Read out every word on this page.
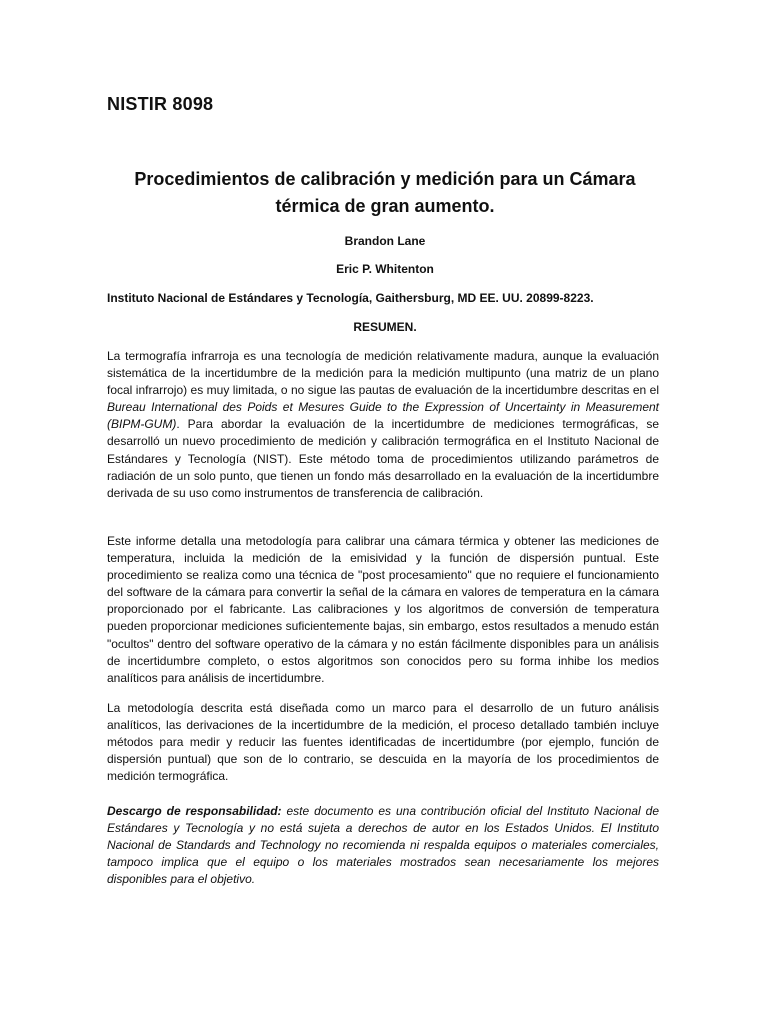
NISTIR 8098
Procedimientos de calibración y medición para un Cámara térmica de gran aumento.
Brandon Lane
Eric P. Whitenton
Instituto Nacional de Estándares y Tecnología, Gaithersburg, MD EE. UU. 20899-8223.
RESUMEN.

La termografía infrarroja es una tecnología de medición relativamente madura, aunque la evaluación sistemática de la incertidumbre de la medición para la medición multipunto (una matriz de un plano focal infrarrojo) es muy limitada, o no sigue las pautas de evaluación de la incertidumbre descritas en el Bureau International des Poids et Mesures Guide to the Expression of Uncertainty in Measurement (BIPM-GUM). Para abordar la evaluación de la incertidumbre de mediciones termográficas, se desarrolló un nuevo procedimiento de medición y calibración termográfica en el Instituto Nacional de Estándares y Tecnología (NIST). Este método toma de procedimientos utilizando parámetros de radiación de un solo punto, que tienen un fondo más desarrollado en la evaluación de la incertidumbre derivada de su uso como instrumentos de transferencia de calibración.

Este informe detalla una metodología para calibrar una cámara térmica y obtener las mediciones de temperatura, incluida la medición de la emisividad y la función de dispersión puntual. Este procedimiento se realiza como una técnica de "post procesamiento" que no requiere el funcionamiento del software de la cámara para convertir la señal de la cámara en valores de temperatura en la cámara proporcionado por el fabricante. Las calibraciones y los algoritmos de conversión de temperatura pueden proporcionar mediciones suficientemente bajas, sin embargo, estos resultados a menudo están "ocultos" dentro del software operativo de la cámara y no están fácilmente disponibles para un análisis de incertidumbre completo, o estos algoritmos son conocidos pero su forma inhibe los medios analíticos para análisis de incertidumbre.

La metodología descrita está diseñada como un marco para el desarrollo de un futuro análisis analíticos, las derivaciones de la incertidumbre de la medición, el proceso detallado también incluye métodos para medir y reducir las fuentes identificadas de incertidumbre (por ejemplo, función de dispersión puntual) que son de lo contrario, se descuida en la mayoría de los procedimientos de medición termográfica.

Descargo de responsabilidad: este documento es una contribución oficial del Instituto Nacional de Estándares y Tecnología y no está sujeta a derechos de autor en los Estados Unidos. El Instituto Nacional de Standards and Technology no recomienda ni respalda equipos o materiales comerciales, tampoco implica que el equipo o los materiales mostrados sean necesariamente los mejores disponibles para el objetivo.
